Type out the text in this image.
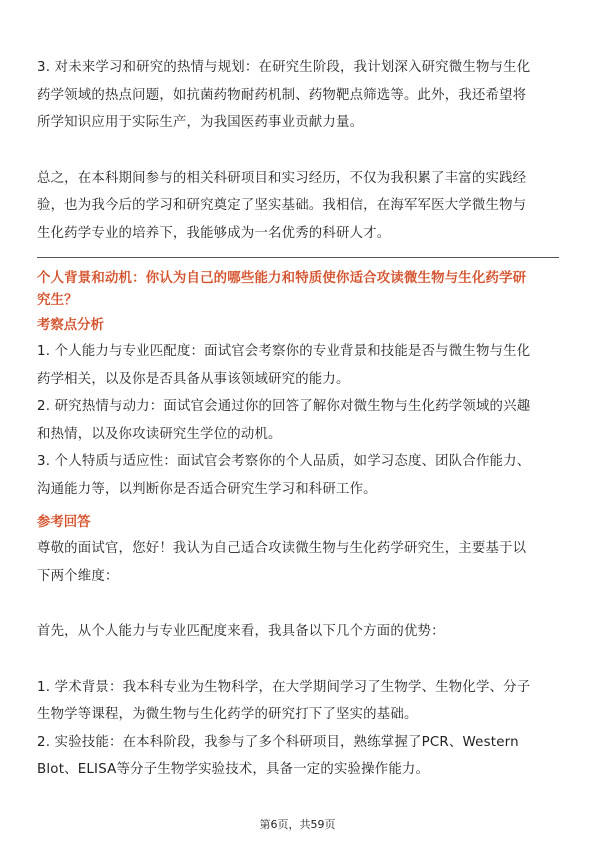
3. 对未来学习和研究的热情与规划：在研究生阶段，我计划深入研究微生物与生化

药学领域的热点问题，如抗菌药物耐药机制、药物靶点筛选等。此外，我还希望将

所学知识应用于实际生产，为我国医药事业贡献力量。

总之，在本科期间参与的相关科研项目和实习经历，不仅为我积累了丰富的实践经

验，也为我今后的学习和研究奠定了坚实基础。我相信，在海军军医大学微生物与

生化药学专业的培养下，我能够成为一名优秀的科研人才。

个人背景和动机：你认为自己的哪些能力和特质使你适合攻读微生物与生化药学研

究生？

考察点分析

1. 个人能力与专业匹配度：面试官会考察你的专业背景和技能是否与微生物与生化

药学相关，以及你是否具备从事该领域研究的能力。

2. 研究热情与动力：面试官会通过你的回答了解你对微生物与生化药学领域的兴趣

和热情，以及你攻读研究生学位的动机。

3. 个人特质与适应性：面试官会考察你的个人品质，如学习态度、团队合作能力、

沟通能力等，以判断你是否适合研究生学习和科研工作。

参考回答

尊敬的面试官，您好！我认为自己适合攻读微生物与生化药学研究生，主要基于以

下两个维度：

首先，从个人能力与专业匹配度来看，我具备以下几个方面的优势：

1. 学术背景：我本科专业为生物科学，在大学期间学习了生物学、生物化学、分子

生物学等课程，为微生物与生化药学的研究打下了坚实的基础。

2. 实验技能：在本科阶段，我参与了多个科研项目，熟练掌握了PCR、Western

Blot、ELISA等分子生物学实验技术，具备一定的实验操作能力。

第6页，共59页
